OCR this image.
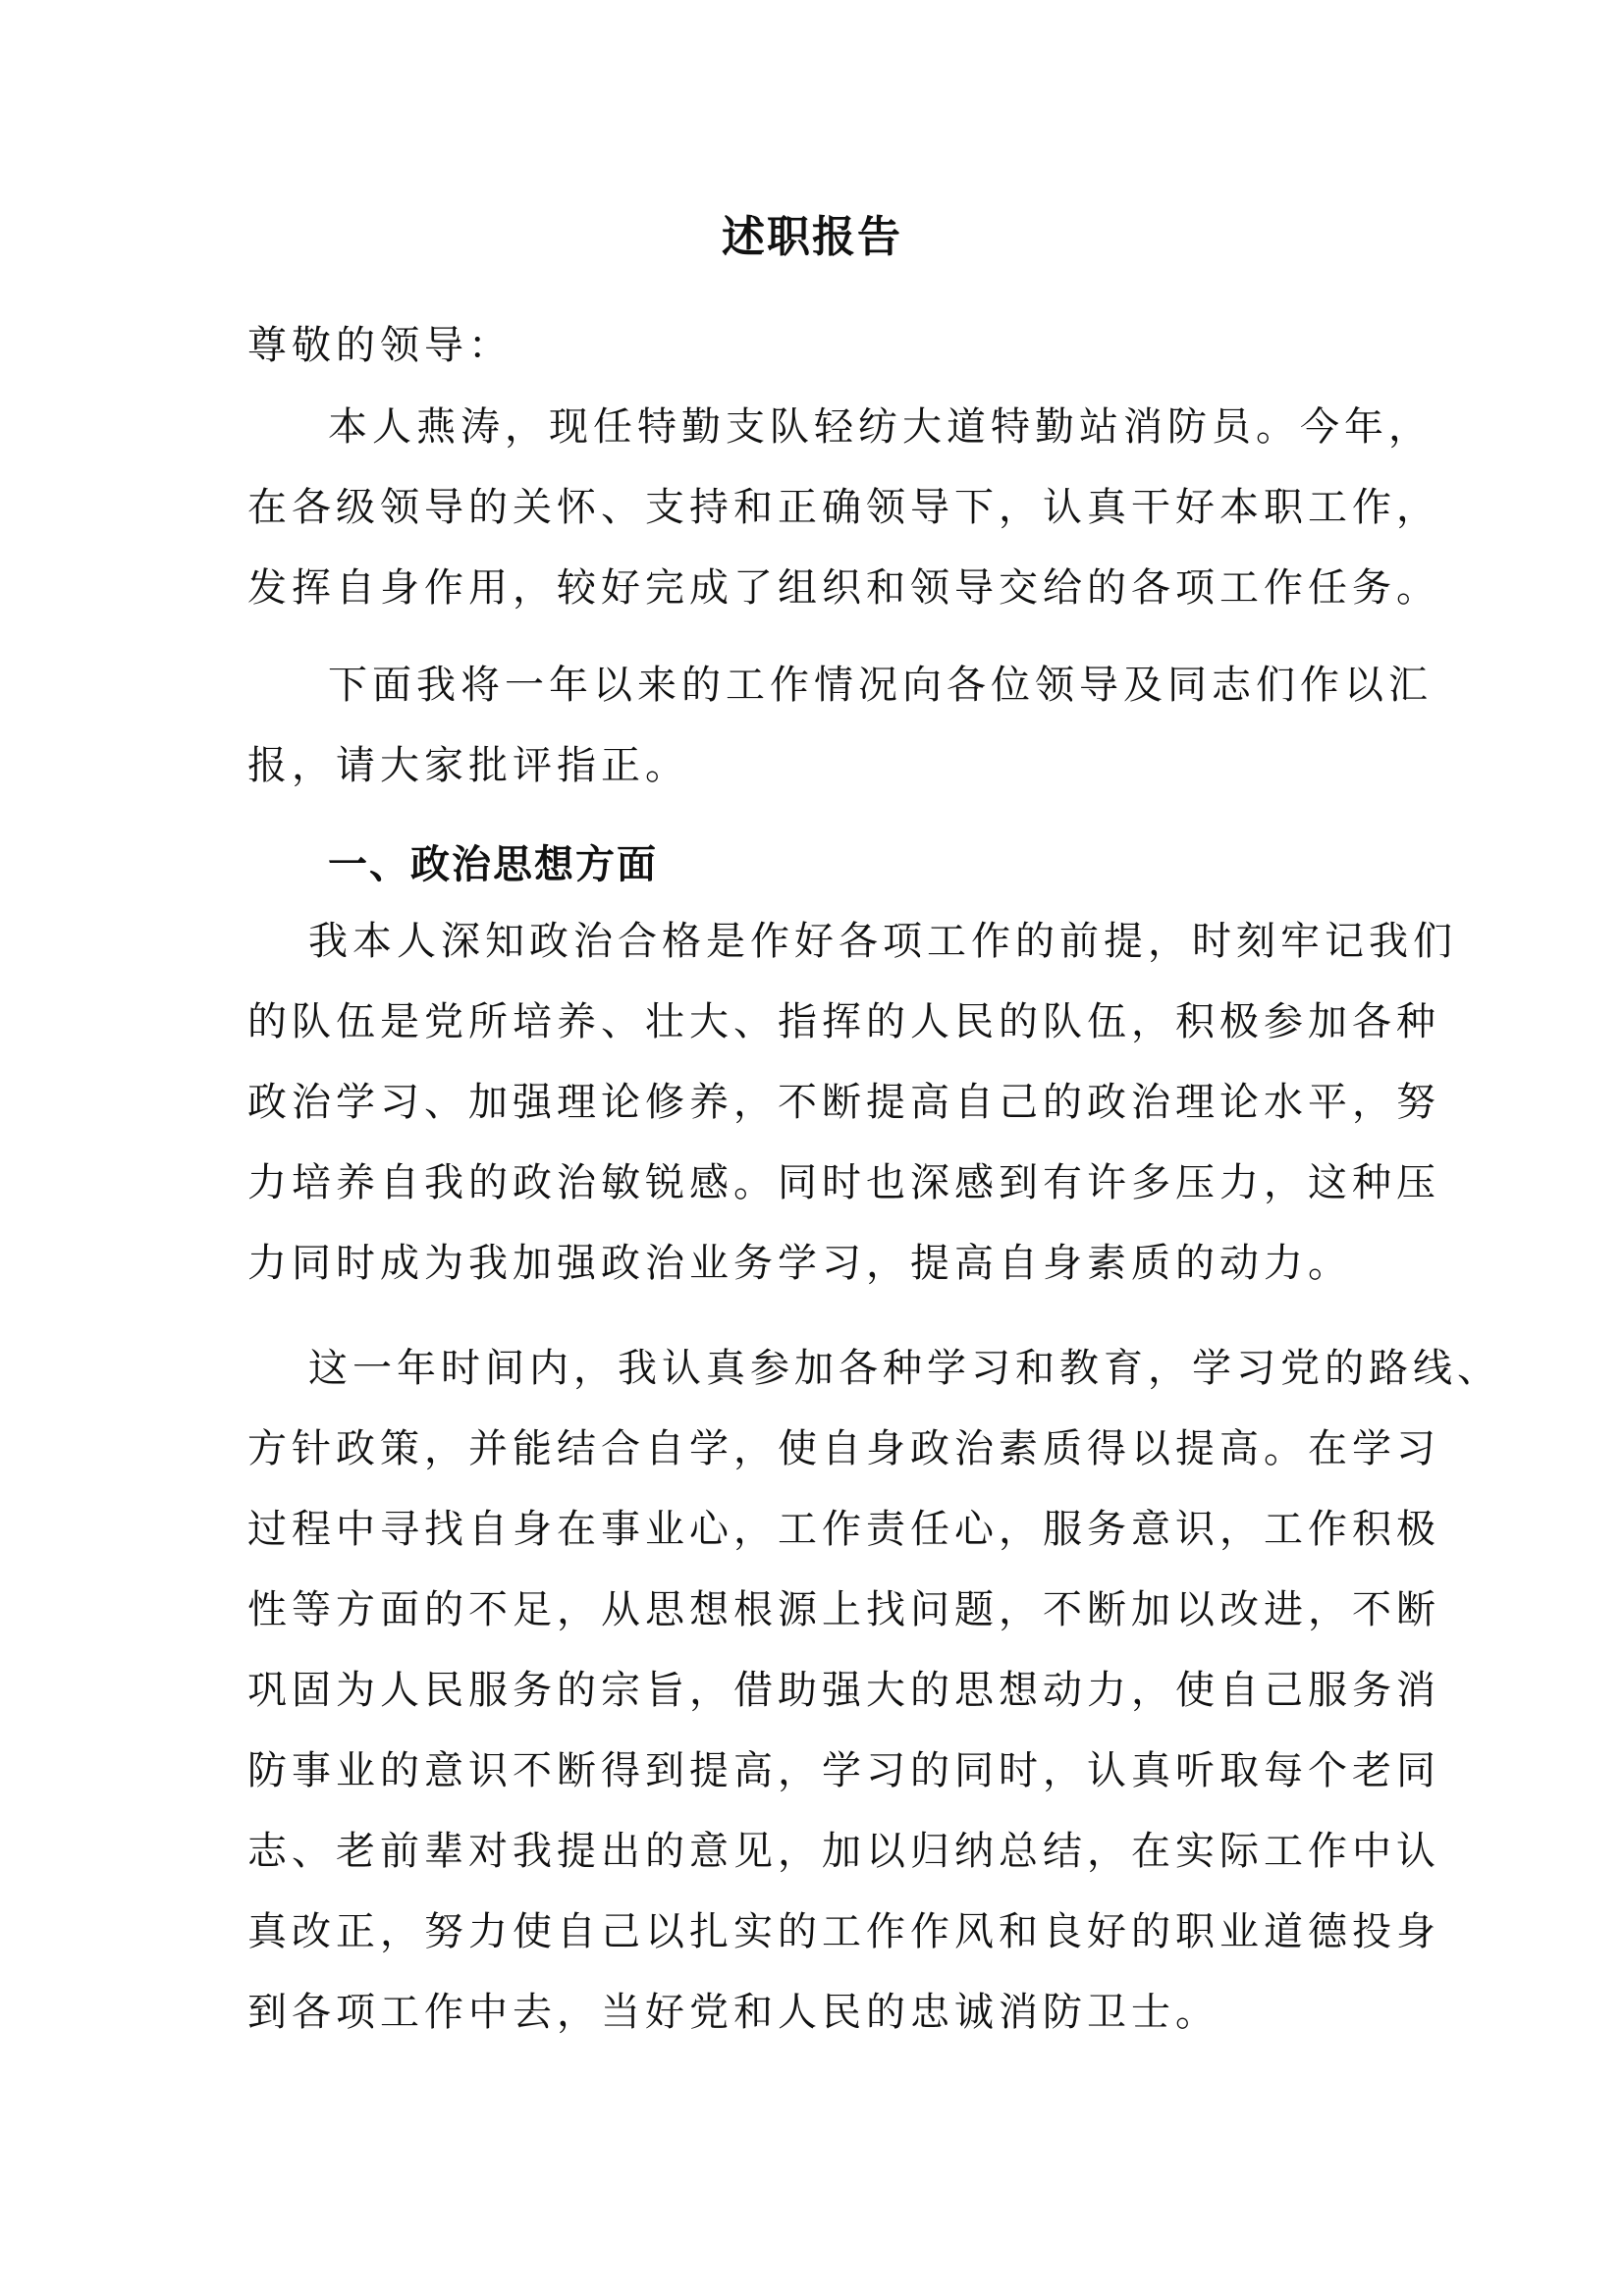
述职报告
尊敬的领导：
本人燕涛，现任特勤支队轻纺大道特勤站消防员。今年，
在各级领导的关怀、支持和正确领导下，认真干好本职工作，
发挥自身作用，较好完成了组织和领导交给的各项工作任务。
下面我将一年以来的工作情况向各位领导及同志们作以汇
报，请大家批评指正。
一、政治思想方面
我本人深知政治合格是作好各项工作的前提，时刻牢记我们
的队伍是党所培养、壮大、指挥的人民的队伍，积极参加各种
政治学习、加强理论修养，不断提高自己的政治理论水平，努
力培养自我的政治敏锐感。同时也深感到有许多压力，这种压
力同时成为我加强政治业务学习，提高自身素质的动力。
这一年时间内，我认真参加各种学习和教育，学习党的路线、
方针政策，并能结合自学，使自身政治素质得以提高。在学习
过程中寻找自身在事业心，工作责任心，服务意识，工作积极
性等方面的不足，从思想根源上找问题，不断加以改进，不断
巩固为人民服务的宗旨，借助强大的思想动力，使自己服务消
防事业的意识不断得到提高，学习的同时，认真听取每个老同
志、老前辈对我提出的意见，加以归纳总结，在实际工作中认
真改正，努力使自己以扎实的工作作风和良好的职业道德投身
到各项工作中去，当好党和人民的忠诚消防卫士。
